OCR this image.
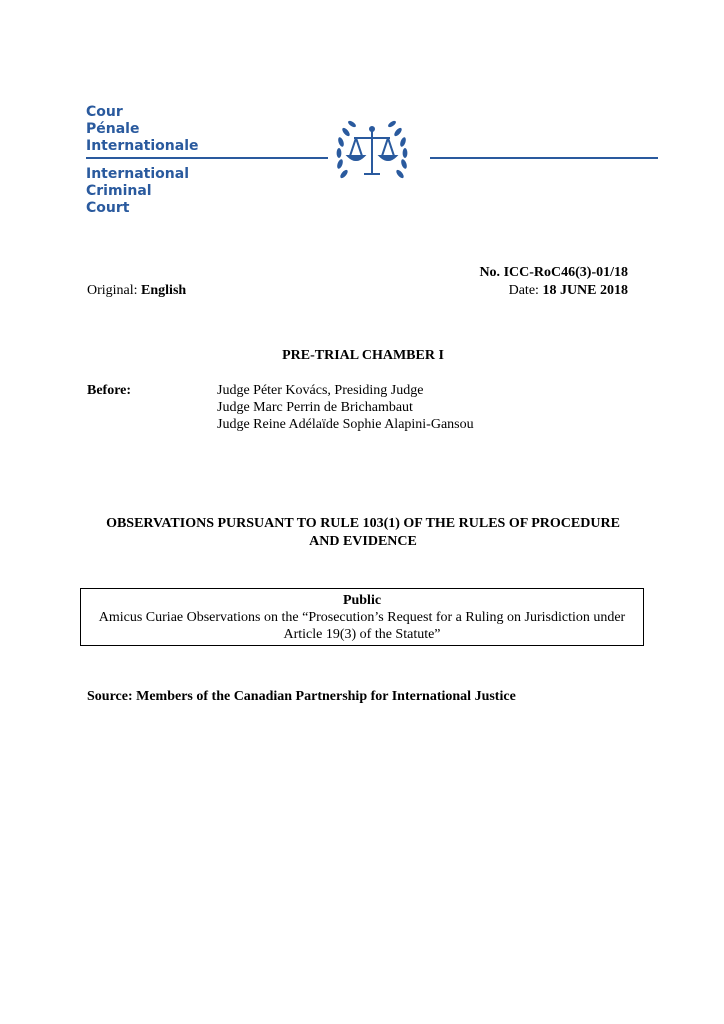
Cour
Pénale
Internationale
International
Criminal
Court
No. ICC-RoC46(3)-01/18
Original: English	Date: 18 JUNE 2018
PRE-TRIAL CHAMBER I
Before:	Judge Péter Kovács, Presiding Judge
Judge Marc Perrin de Brichambaut
Judge Reine Adélaïde Sophie Alapini-Gansou
OBSERVATIONS PURSUANT TO RULE 103(1) OF THE RULES OF PROCEDURE
AND EVIDENCE
Public
Amicus Curiae Observations on the “Prosecution’s Request for a Ruling on Jurisdiction under
Article 19(3) of the Statute”
Source: Members of the Canadian Partnership for International Justice
